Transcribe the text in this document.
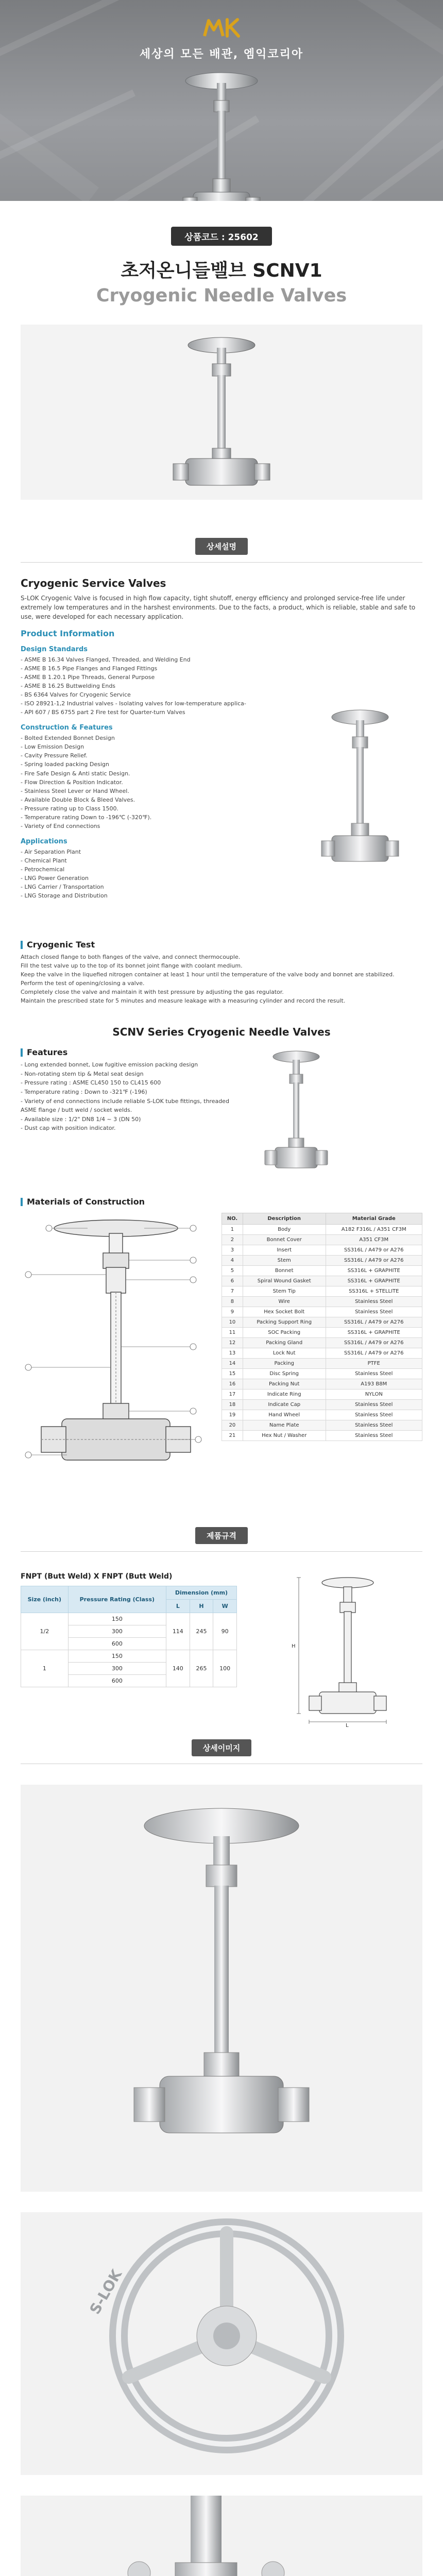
세상의 모든 배관, 엠익코리아
상품코드 : 25602
초저온니들밸브 SCNV1
Cryogenic Needle Valves
상세설명
Cryogenic Service Valves

S-LOK Cryogenic Valve is focused in high flow capacity, tight shutoff, energy efficiency and prolonged service-free life under extremely low temperatures and in the harshest environments. Due to the facts, a product, which is reliable, stable and safe to use, were developed for each necessary application.

Product Information
Design Standards
- ASME B 16.34 Valves Flanged, Threaded, and Welding End
- ASME B 16.5 Pipe Flanges and Flanged Fittings
- ASME B 1.20.1 Pipe Threads, General Purpose
- ASME B 16.25 Buttwelding Ends
- BS 6364 Valves for Cryogenic Service
- ISO 28921-1,2 Industrial valves - Isolating valves for low-temperature applica-
- API 607 / BS 6755 part 2 Fire test for Quarter-turn Valves
Construction & Features
- Bolted Extended Bonnet Design
- Low Emission Design
- Cavity Pressure Relief.
- Spring loaded packing Design
- Fire Safe Design & Anti static Design.
- Flow Direction & Position Indicator.
- Stainless Steel Lever or Hand Wheel.
- Available Double Block & Bleed Valves.
- Pressure rating up to Class 1500.
- Temperature rating Down to -196℃ (-320℉).
- Variety of End connections
Applications
- Air Separation Plant
- Chemical Plant
- Petrochemical
- LNG Power Generation
- LNG Carrier / Transportation
- LNG Storage and Distribution
Cryogenic Test

Attach closed flange to both flanges of the valve, and connect thermocouple.

Fill the test valve up to the top of its bonnet joint flange with coolant medium.

Keep the valve in the liquefied nitrogen container at least 1 hour until the temperature of the valve body and bonnet are stabilized.

Perform the test of opening/closing a valve.

Completely close the valve and maintain it with test pressure by adjusting the gas regulator.

Maintain the prescribed state for 5 minutes and measure leakage with a measuring cylinder and record the result.

SCNV Series Cryogenic Needle Valves
Features
- Long extended bonnet, Low fugitive emission packing design
- Non-rotating stem tip & Metal seat design
- Pressure rating : ASME CL450 150 to CL415 600
- Temperature rating : Down to -321℉ (-196)
- Variety of end connections include reliable S-LOK tube fittings, threaded
ASME flange / butt weld / socket welds.
- Available size : 1/2" DN8 1/4 ~ 3 (DN 50)
- Dust cap with position indicator.
Materials of Construction
NO.	Description	Material Grade
1	Body	A182 F316L / A351 CF3M
2	Bonnet Cover	A351 CF3M
3	Insert	SS316L / A479 or A276
4	Stem	SS316L / A479 or A276
5	Bonnet	SS316L + GRAPHITE
6	Spiral Wound Gasket	SS316L + GRAPHITE
7	Stem Tip	SS316L + STELLITE
8	Wire	Stainless Steel
9	Hex Socket Bolt	Stainless Steel
10	Packing Support Ring	SS316L / A479 or A276
11	SOC Packing	SS316L + GRAPHITE
12	Packing Gland	SS316L / A479 or A276
13	Lock Nut	SS316L / A479 or A276
14	Packing	PTFE
15	Disc Spring	Stainless Steel
16	Packing Nut	A193 B8M
17	Indicate Ring	NYLON
18	Indicate Cap	Stainless Steel
19	Hand Wheel	Stainless Steel
20	Name Plate	Stainless Steel
21	Hex Nut / Washer	Stainless Steel
제품규격
FNPT (Butt Weld) X FNPT (Butt Weld)
Size (inch)	Pressure Rating (Class)	Dimension (mm)		
		L	H	W
1/2	150	114	245	90
	300			
	600			
1	150	140	265	100
	300			
	600			
H
L
상세이미지
S-LOK
